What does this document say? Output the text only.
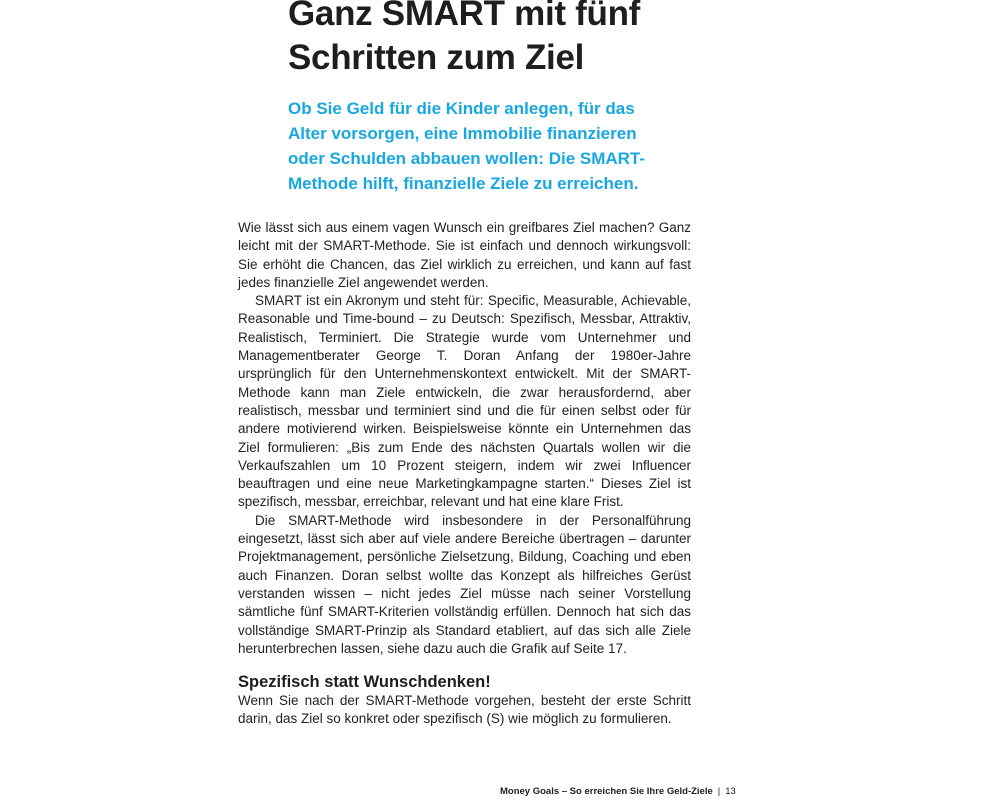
Ganz SMART mit fünf
Schritten zum Ziel

Ob Sie Geld für die Kinder anlegen, für das
Alter vorsorgen, eine Immobilie finanzieren
oder Schulden abbauen wollen: Die SMART-
Methode hilft, finanzielle Ziele zu erreichen.

Wie lässt sich aus einem vagen Wunsch ein greifbares Ziel machen? Ganz leicht mit der SMART-Methode. Sie ist einfach und dennoch wirkungsvoll: Sie erhöht die Chancen, das Ziel wirklich zu erreichen, und kann auf fast jedes finanzielle Ziel angewendet werden.

SMART ist ein Akronym und steht für: Specific, Measurable, Achievable, Reasonable und Time-bound – zu Deutsch: Spezifisch, Messbar, Attraktiv, Realistisch, Terminiert. Die Strategie wurde vom Unternehmer und Managementberater George T. Doran Anfang der 1980er-Jahre ursprünglich für den Unternehmenskontext entwickelt. Mit der SMART-Methode kann man Ziele entwickeln, die zwar herausfordernd, aber realistisch, messbar und terminiert sind und die für einen selbst oder für andere motivierend wirken. Beispielsweise könnte ein Unternehmen das Ziel formulieren: „Bis zum Ende des nächsten Quartals wollen wir die Verkaufszahlen um 10 Prozent steigern, indem wir zwei Influencer beauftragen und eine neue Marketingkampagne starten.“ Dieses Ziel ist spezifisch, messbar, erreichbar, relevant und hat eine klare Frist.

Die SMART-Methode wird insbesondere in der Personalführung eingesetzt, lässt sich aber auf viele andere Bereiche übertragen – darunter Projektmanagement, persönliche Zielsetzung, Bildung, Coaching und eben auch Finanzen. Doran selbst wollte das Konzept als hilfreiches Gerüst verstanden wissen – nicht jedes Ziel müsse nach seiner Vorstellung sämtliche fünf SMART-Kriterien vollständig erfüllen. Dennoch hat sich das vollständige SMART-Prinzip als Standard etabliert, auf das sich alle Ziele herunterbrechen lassen, siehe dazu auch die Grafik auf Seite 17.

Spezifisch statt Wunschdenken!

Wenn Sie nach der SMART-Methode vorgehen, besteht der erste Schritt darin, das Ziel so konkret oder spezifisch (S) wie möglich zu formulieren.

Money Goals – So erreichen Sie Ihre Geld-Ziele | 13
